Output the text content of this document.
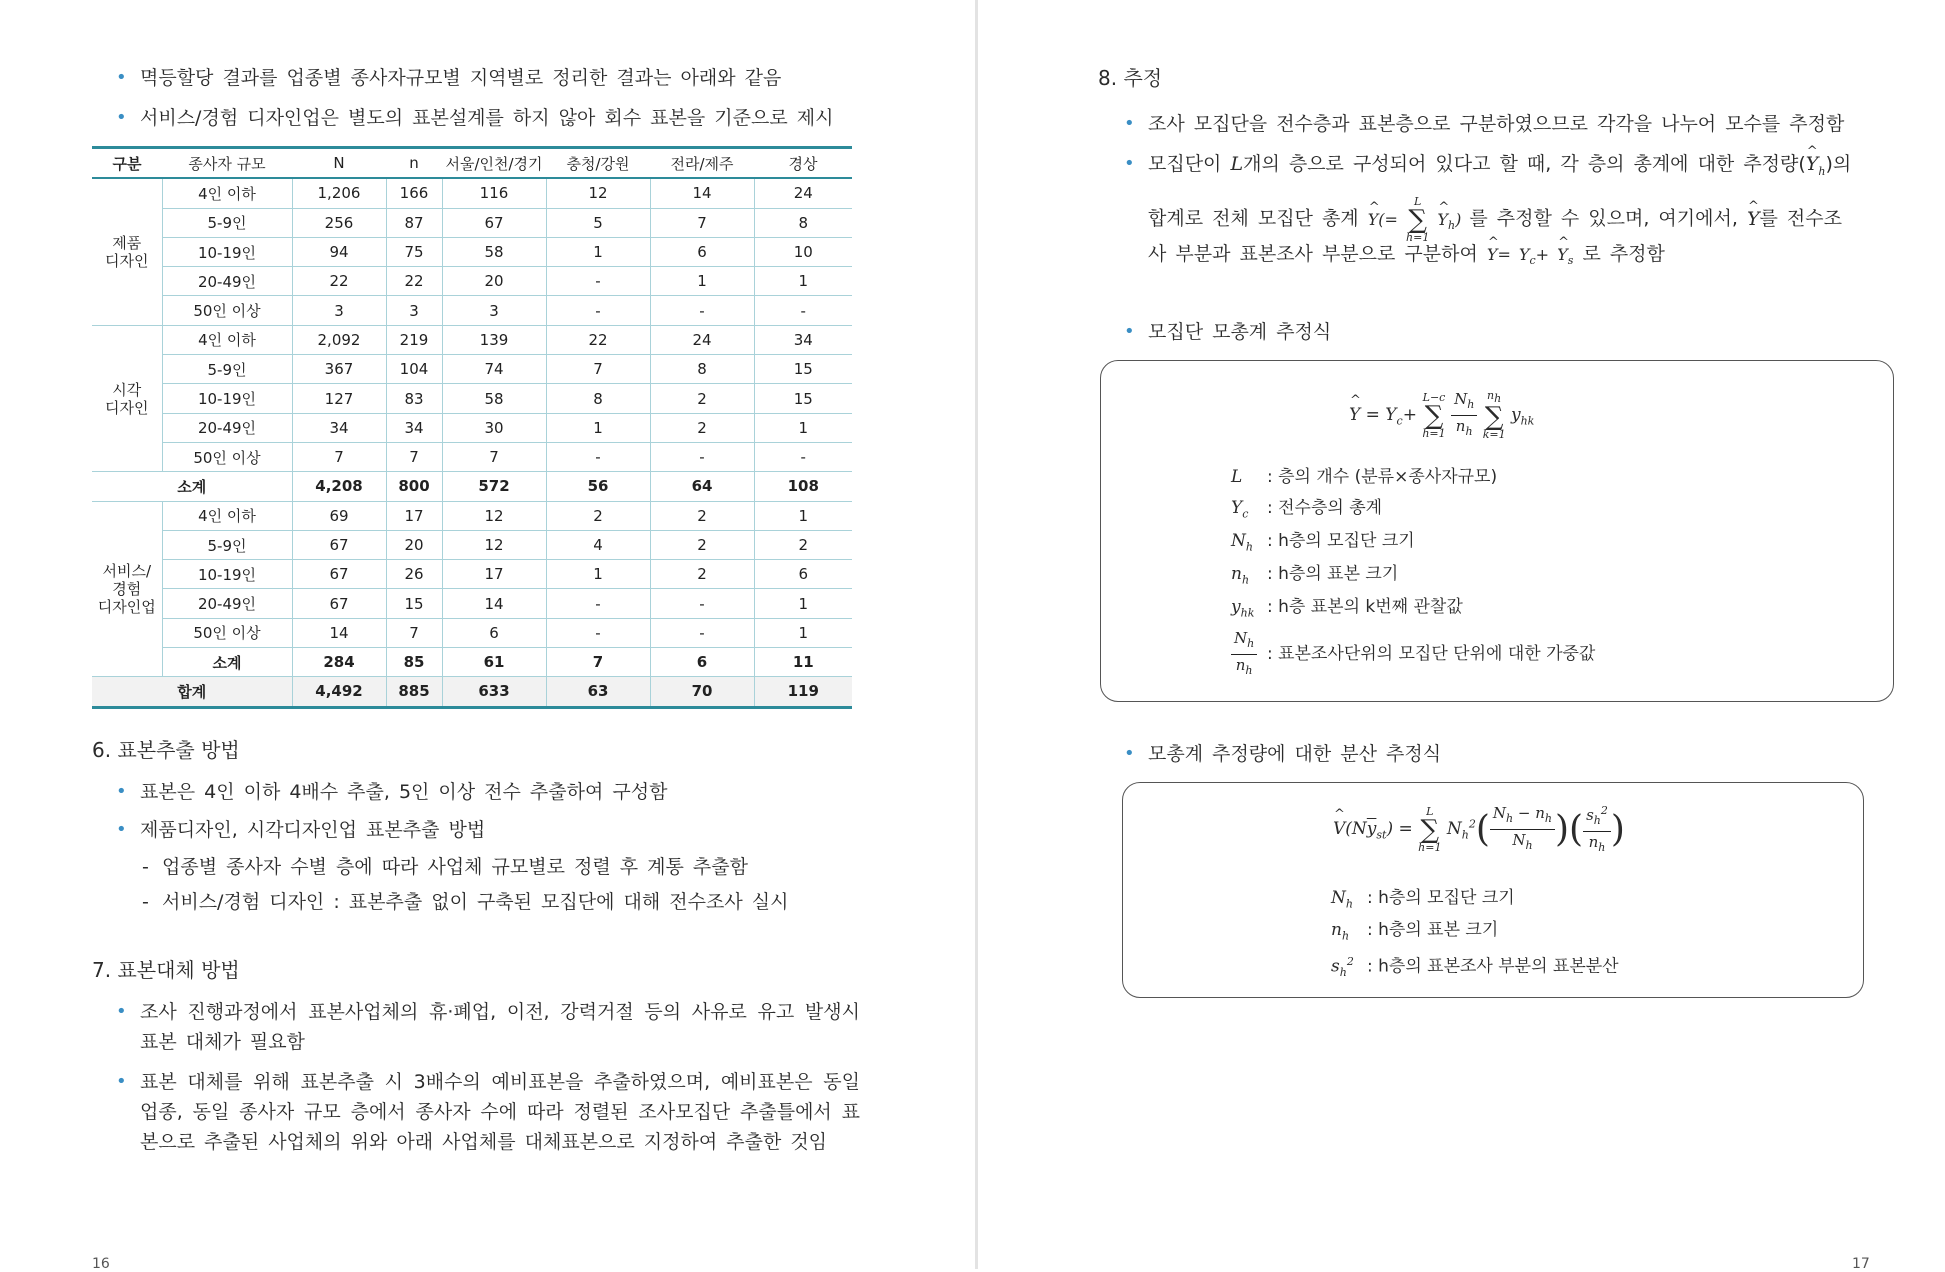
• 멱등할당 결과를 업종별 종사자규모별 지역별로 정리한 결과는 아래와 같음
• 서비스/경험 디자인업은 별도의 표본설계를 하지 않아 회수 표본을 기준으로 제시
구분	종사자 규모	N	n	서울/인천/경기	충청/강원	전라/제주	경상
제품
디자인	4인 이하	1,206	166	116	12	14	24
	5-9인	256	87	67	5	7	8
	10-19인	94	75	58	1	6	10
	20-49인	22	22	20	-	1	1
	50인 이상	3	3	3	-	-	-
시각
디자인	4인 이하	2,092	219	139	22	24	34
	5-9인	367	104	74	7	8	15
	10-19인	127	83	58	8	2	15
	20-49인	34	34	30	1	2	1
	50인 이상	7	7	7	-	-	-
소계		4,208	800	572	56	64	108
서비스/
경험
디자인업	4인 이하	69	17	12	2	2	1
	5-9인	67	20	12	4	2	2
	10-19인	67	26	17	1	2	6
	20-49인	67	15	14	-	-	1
	50인 이상	14	7	6	-	-	1
	소계	284	85	61	7	6	11
합계		4,492	885	633	63	70	119
6. 표본추출 방법
• 표본은 4인 이하 4배수 추출, 5인 이상 전수 추출하여 구성함
• 제품디자인, 시각디자인업 표본추출 방법
- 업종별 종사자 수별 층에 따라 사업체 규모별로 정렬 후 계통 추출함
- 서비스/경험 디자인 : 표본추출 없이 구축된 모집단에 대해 전수조사 실시
7. 표본대체 방법
• 조사 진행과정에서 표본사업체의 휴·폐업, 이전, 강력거절 등의 사유로 유고 발생시 표본 대체가 필요함

• 표본 대체를 위해 표본추출 시 3배수의 예비표본을 추출하였으며, 예비표본은 동일 업종, 동일 종사자 규모 층에서 종사자 수에 따라 정렬된 조사모집단 추출틀에서 표본으로 추출된 사업체의 위와 아래 사업체를 대체표본으로 지정하여 추출한 것임

16
8. 추정
• 조사 모집단을 전수층과 표본층으로 구분하였으므로 각각을 나누어 모수를 추정함
• 모집단이 L개의 층으로 구성되어 있다고 할 때, 각 층의 총계에 대한 추정량(^ $Y_h$)의
합계로 전체 모집단 총계 ^ Y(=
L
∑
h=1
^ $Y_h$) 를 추정할 수 있으며, 여기에서, ^ Y를 전수조
사 부분과 표본조사 부분으로 구분하여 ^ $Y= Y_c+$ ^ $Y_s$ 로 추정함
• 모집단 모총계 추정식
^ $Y = Y_c+$
L−c
∑
h=1
$\frac{N_h}{n_h}$
$n_h$
∑
k=1
$y_{hk}$
L : 층의 개수 (분류×종사자규모)
$Y_c$ : 전수층의 총계
$N_h$ : h층의 모집단 크기
$n_h$ : h층의 표본 크기
$y_{hk}$ : h층 표본의 k번째 관찰값
$\frac{N_h}{n_h}$ : 표본조사단위의 모집단 단위에 대한 가중값
• 모총계 추정량에 대한 분산 추정식
^ $V(N\overline{y}_{st})$ =
L
∑
h=1
$N_h^2( \frac{N_h - n_h}{N_h}$ )( $\frac{s_h^2}{n_h}$ )
$N_h$ : h층의 모집단 크기
$n_h$ : h층의 표본 크기
$s_h^2$ : h층의 표본조사 부분의 표본분산
17
